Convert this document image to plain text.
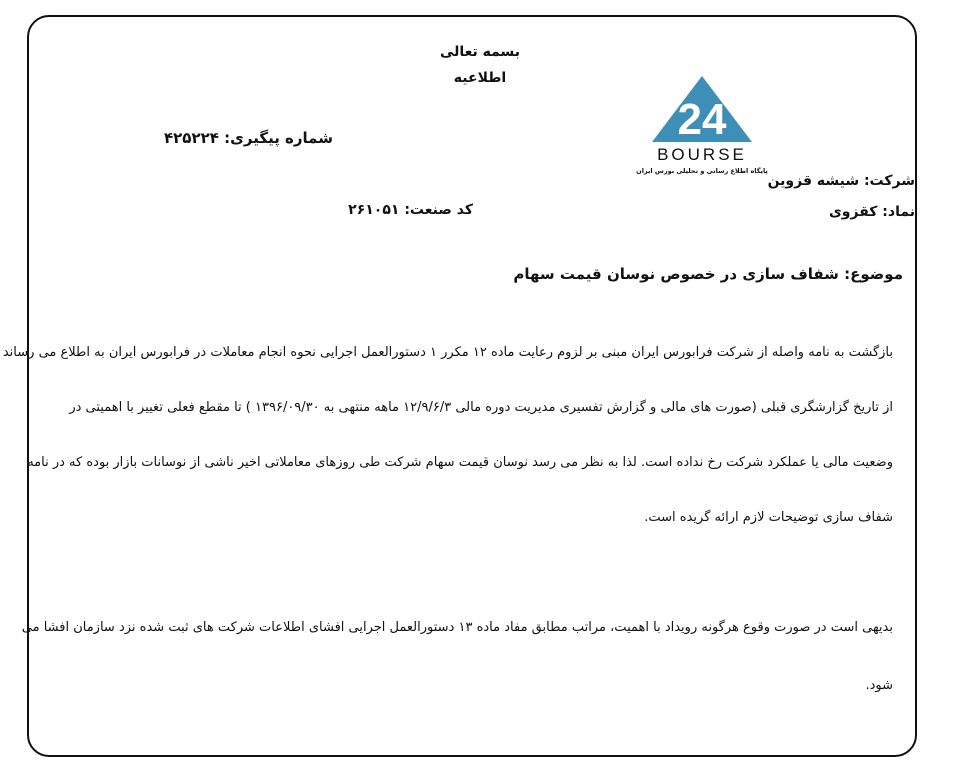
بسمه تعالی
اطلاعیه
شماره پیگیری: ۴۲۵۲۲۴
کد صنعت: ۲۶۱۰۵۱
24
BOURSE
پایگاه اطلاع رسانی و تحلیلی بورس ایران
شرکت: شیشه قزوین
نماد: کقزوی
موضوع: شفاف سازی در خصوص نوسان قیمت سهام
بازگشت به نامه واصله از شرکت فرابورس ایران مبنی بر لزوم رعایت ماده ۱۲ مکرر ۱ دستورالعمل اجرایی نحوه انجام معاملات در فرابورس ایران به اطلاع می رساند
از تاریخ گزارشگری قبلی (صورت های مالی و گزارش تفسیری مدیریت دوره مالی ۱۲/۹/۶/۳ ماهه منتهی به ۱۳۹۶/۰۹/۳۰ ) تا مقطع فعلی تغییر با اهمیتی در
وضعیت مالی یا عملکرد شرکت رخ نداده است. لذا به نظر می رسد نوسان قیمت سهام شرکت طی روزهای معاملاتی اخیر ناشی از نوسانات بازار بوده که در نامه
شفاف سازی توضیحات لازم ارائه گریده است.
بدیهی است در صورت وقوع هرگونه رویداد با اهمیت، مراتب مطابق مفاد ماده ۱۳ دستورالعمل اجرایی افشای اطلاعات شرکت های ثبت شده نزد سازمان افشا می
شود.
